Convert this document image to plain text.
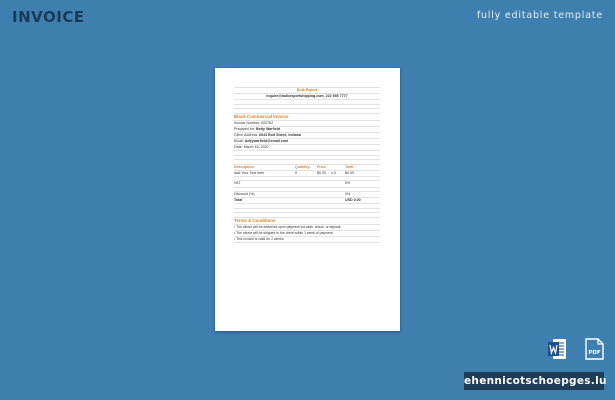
INVOICE	fully editable template
Bulk Export
inquire@bulkexportshipping.com, 222 555 7777
Black Commercial Invoice
Invoice Number: 000762
Prepared for: Betty Warfield
Client Address: 6644 Bolt Street, Indiana
Email: bettywarfield@email.com
Date: March 16, 2022
Description	Quantity	Price	Total
Add Your Text here	0	$0.00	x.0	$0.00
VAT	0%
Discount (%)	0%
Total	USD 0.00
Terms & Conditions
• The above will be delivered upon payment via cash, check, or deposit.
• The above will be shipped to the client within 1 week of payment.
• This invoice is valid for 2 weeks.
PDF
ehennicotschoepges.lu
